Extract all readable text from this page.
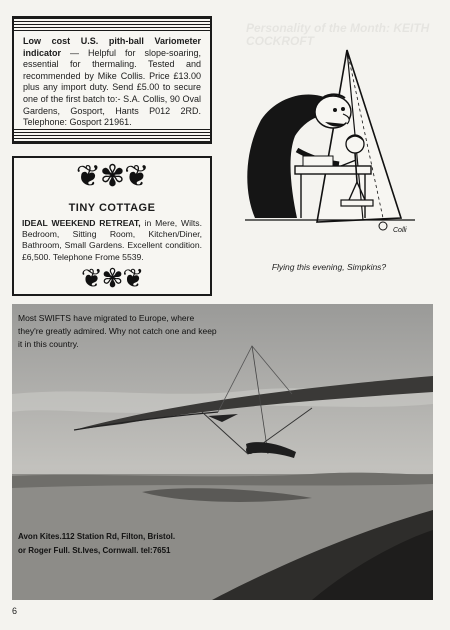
Personality of the Month: KEITH COCKROFT
Low cost U.S. pith-ball Variometer indicator — Helpful for slope-soaring, essential for thermaling. Tested and recommended by Mike Collis. Price £13.00 plus any import duty. Send £5.00 to secure one of the first batch to:- S.A. Collis, 90 Oval Gardens, Gosport, Hants P012 2RD. Telephone: Gosport 21961.
❦✾❦
TINY COTTAGE
IDEAL WEEKEND RETREAT, in Mere, Wilts. Bedroom, Sitting Room, Kitchen/Diner, Bathroom, Small Gardens. Excellent condition. £6,500. Telephone Frome 5539.
❦✾❦
Colli
Flying this evening, Simpkins?
Most SWIFTS have migrated to Europe, where they're greatly admired. Why not catch one and keep it in this country.
Avon Kites.112 Station Rd, Filton, Bristol.
or Roger Full. St.Ives, Cornwall. tel:7651
6
